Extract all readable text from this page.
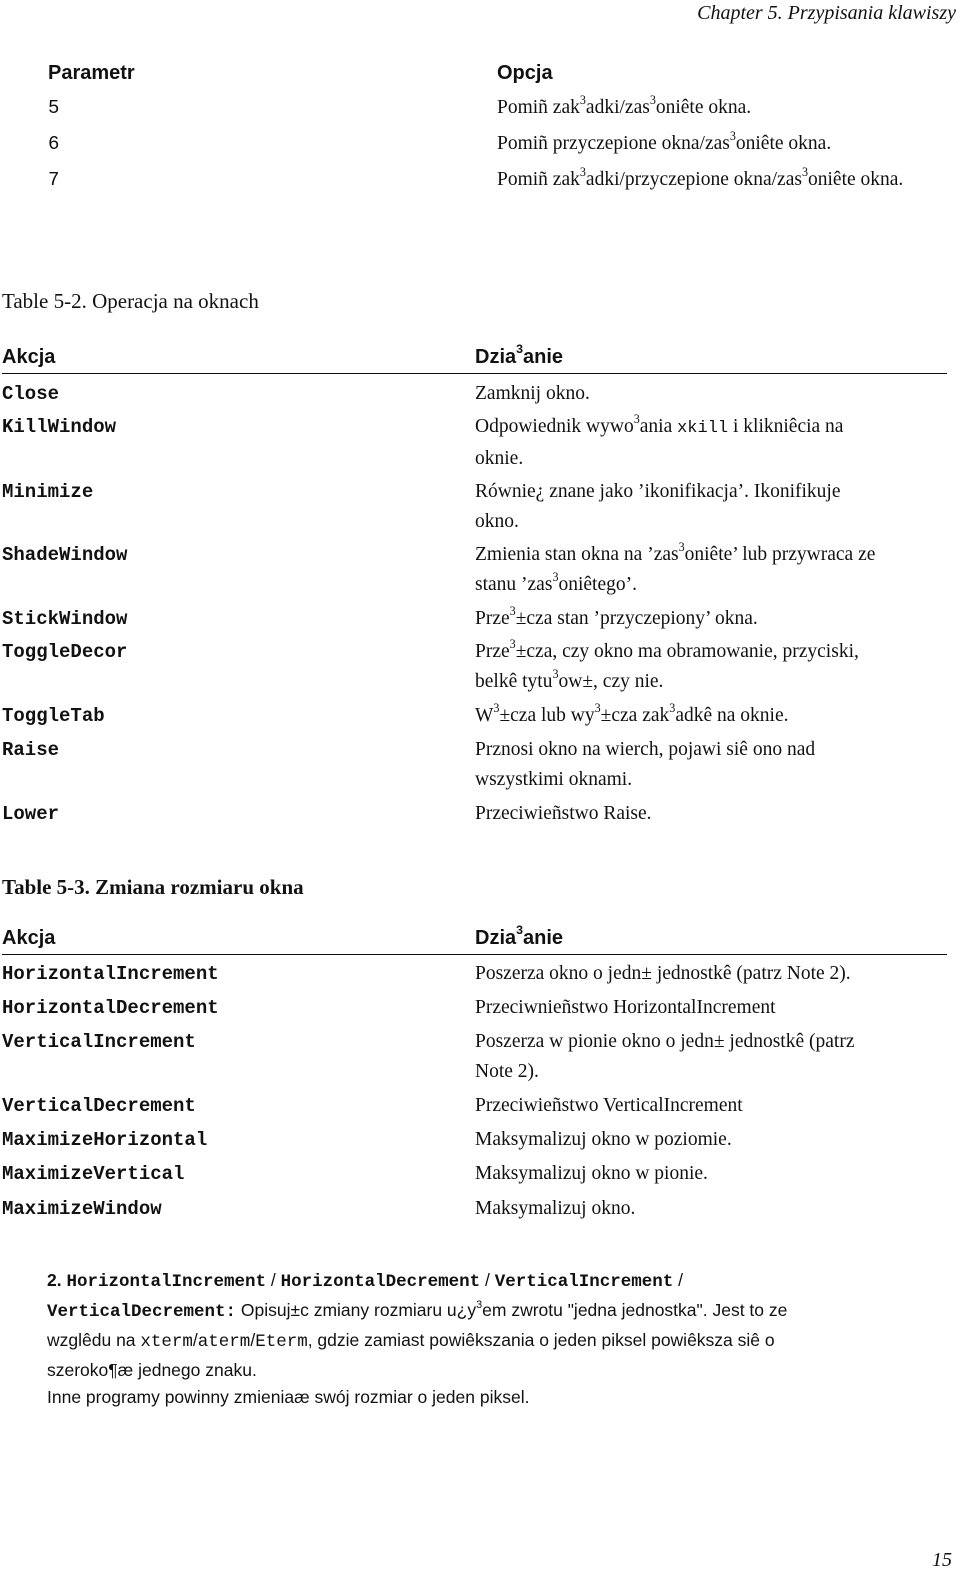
Chapter 5. Przypisania klawiszy
Parametr	Opcja
5	Pomiñ zak$^3$adki/zas$^3$oniête okna.
6	Pomiñ przyczepione okna/zas$^3$oniête okna.
7	Pomiñ zak$^3$adki/przyczepione okna/zas$^3$oniête okna.
Table 5-2. Operacja na oknach
Akcja	Dzia$^3$anie
Close	Zamknij okno.
KillWindow	Odpowiednik wywo$^3$ania xkill i klikniêcia na
oknie.
Minimize	Równie¿ znane jako ’ikonifikacja’. Ikonifikuje
okno.
ShadeWindow	Zmienia stan okna na ’zas$^3$oniête’ lub przywraca ze
stanu ’zas$^3$oniêtego’.
StickWindow	Prze$^3$±cza stan ’przyczepiony’ okna.
ToggleDecor	Prze$^3$±cza, czy okno ma obramowanie, przyciski,
belkê tytu$^3$ow±, czy nie.
ToggleTab	$W^3\pm cza$ lub $wy^3\pm cza$ zak$^3$adkê na oknie.
Raise	Prznosi okno na wierch, pojawi siê ono nad
wszystkimi oknami.
Lower	Przeciwieñstwo Raise.
Table 5-3. Zmiana rozmiaru okna
Akcja	Dzia$^3$anie
HorizontalIncrement	Poszerza okno o jedn± jednostkê (patrz Note 2).
HorizontalDecrement	Przeciwnieñstwo HorizontalIncrement
VerticalIncrement	Poszerza w pionie okno o jedn± jednostkê (patrz
Note 2).
VerticalDecrement	Przeciwieñstwo VerticalIncrement
MaximizeHorizontal	Maksymalizuj okno w poziomie.
MaximizeVertical	Maksymalizuj okno w pionie.
MaximizeWindow	Maksymalizuj okno.
2. HorizontalIncrement / HorizontalDecrement / VerticalIncrement /
VerticalDecrement: Opisuj±c zmiany rozmiaru $u¿y^3em$ zwrotu "jedna jednostka". Jest to ze
wzglêdu na xterm/aterm/Eterm, gdzie zamiast powiêkszania o jeden piksel powiêksza siê o
szeroko¶æ jednego znaku.
Inne programy powinny zmieniaæ swój rozmiar o jeden piksel.
15
